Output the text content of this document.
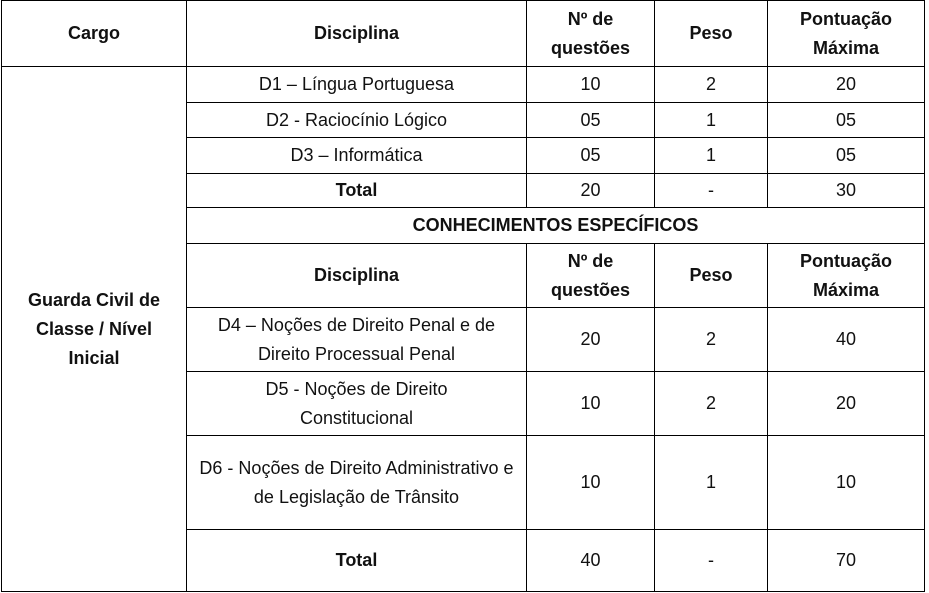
Cargo	Disciplina	Nº de questões	Peso	Pontuação Máxima
Guarda Civil de Classe / Nível Inicial	D1 – Língua Portuguesa	10	2	20
	D2 - Raciocínio Lógico	05	1	05
	D3 – Informática	05	1	05
	Total	20	-	30
	CONHECIMENTOS ESPECÍFICOS			
	Disciplina	Nº de questões	Peso	Pontuação Máxima
	D4 – Noções de Direito Penal e de Direito Processual Penal	20	2	40
	D5 - Noções de Direito Constitucional	10	2	20
	D6 - Noções de Direito Administrativo e de Legislação de Trânsito	10	1	10
	Total	40	-	70
